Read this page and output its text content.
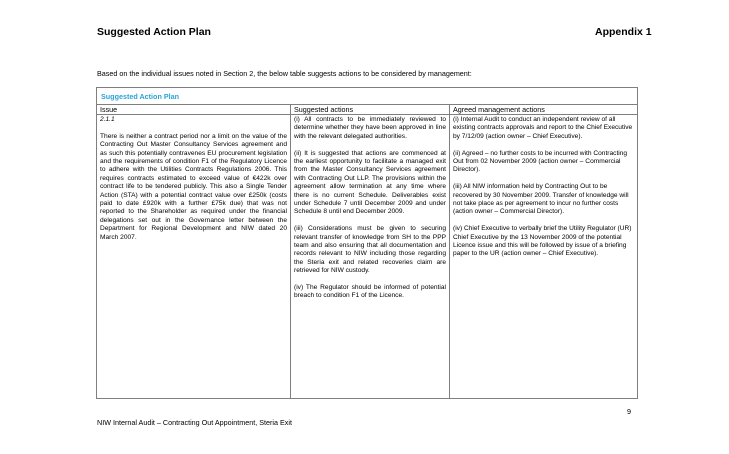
Suggested Action Plan	Appendix 1
Based on the individual issues noted in Section 2, the below table suggests actions to be considered by management:
Suggested Action Plan
Issue

2.1.1

There is neither a contract period nor a limit on the value of the Contracting Out Master Consultancy Services agreement and as such this potentially contravenes EU procurement legislation and the requirements of condition F1 of the Regulatory Licence to adhere with the Utilities Contracts Regulations 2006. This requires contracts estimated to exceed value of €422k over contract life to be tendered publicly. This also a Single Tender Action (STA) with a potential contract value over £250k (costs paid to date £920k with a further £75k due) that was not reported to the Shareholder as required under the financial delegations set out in the Governance letter between the Department for Regional Development and NIW dated 20 March 2007.

Suggested actions

(i) All contracts to be immediately reviewed to determine whether they have been approved in line with the relevant delegated authorities.

(ii) It is suggested that actions are commenced at the earliest opportunity to facilitate a managed exit from the Master Consultancy Services agreement with Contracting Out LLP. The provisions within the agreement allow termination at any time where there is no current Schedule. Deliverables exist under Schedule 7 until December 2009 and under Schedule 8 until end December 2009.

(iii) Considerations must be given to securing relevant transfer of knowledge from SH to the PPP team and also ensuring that all documentation and records relevant to NIW including those regarding the Steria exit and related recoveries claim are retrieved for NIW custody.

(iv) The Regulator should be informed of potential breach to condition F1 of the Licence.

Agreed management actions

(i) Internal Audit to conduct an independent review of all existing contracts approvals and report to the Chief Executive by 7/12/09 (action owner – Chief Executive).

(ii) Agreed – no further costs to be incurred with Contracting Out from 02 November 2009 (action owner – Commercial Director).

(iii) All NIW information held by Contracting Out to be recovered by 30 November 2009. Transfer of knowledge will not take place as per agreement to incur no further costs (action owner – Commercial Director).

(iv) Chief Executive to verbally brief the Utility Regulator (UR) Chief Executive by the 13 November 2009 of the potential Licence issue and this will be followed by issue of a briefing paper to the UR (action owner – Chief Executive).

9
NIW Internal Audit – Contracting Out Appointment, Steria Exit
